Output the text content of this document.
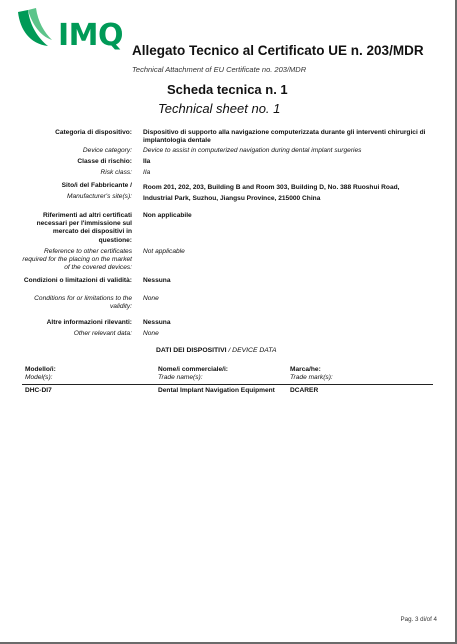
IMQ Allegato Tecnico al Certificato UE n. 203/MDR
Technical Attachment of EU Certificate no. 203/MDR
Scheda tecnica n. 1
Technical sheet no. 1
Categoria di dispositivo: Dispositivo di supporto alla navigazione computerizzata durante gli interventi chirurgici di implantologia dentale
Device category: Device to assist in computerized navigation during dental implant surgeries
Classe di rischio: IIa
Risk class: IIa
Sito/i del Fabbricante /
Manufacturer's site(s):
Room 201, 202, 203, Building B and Room 303, Building D, No. 388 Ruoshui Road, Industrial Park, Suzhou, Jiangsu Province, 215000 China
Riferimenti ad altri certificati necessari per l'immissione sul mercato dei dispositivi in questione:
Non applicabile
Reference to other certificates required for the placing on the market of the covered devices:
Not applicable
Condizioni o limitazioni di validità: Nessuna
Conditions for or limitations to the validity:
None
Altre informazioni rilevanti: Nessuna
Other relevant data: None
DATI DEI DISPOSITIVI / DEVICE DATA
Modello/i:
Model(s):
Nome/i commerciale/i:
Trade name(s):
Marca/he:
Trade mark(s):
DHC-DI7	Dental Implant Navigation Equipment DCARER
Pag. 3 di/of 4
